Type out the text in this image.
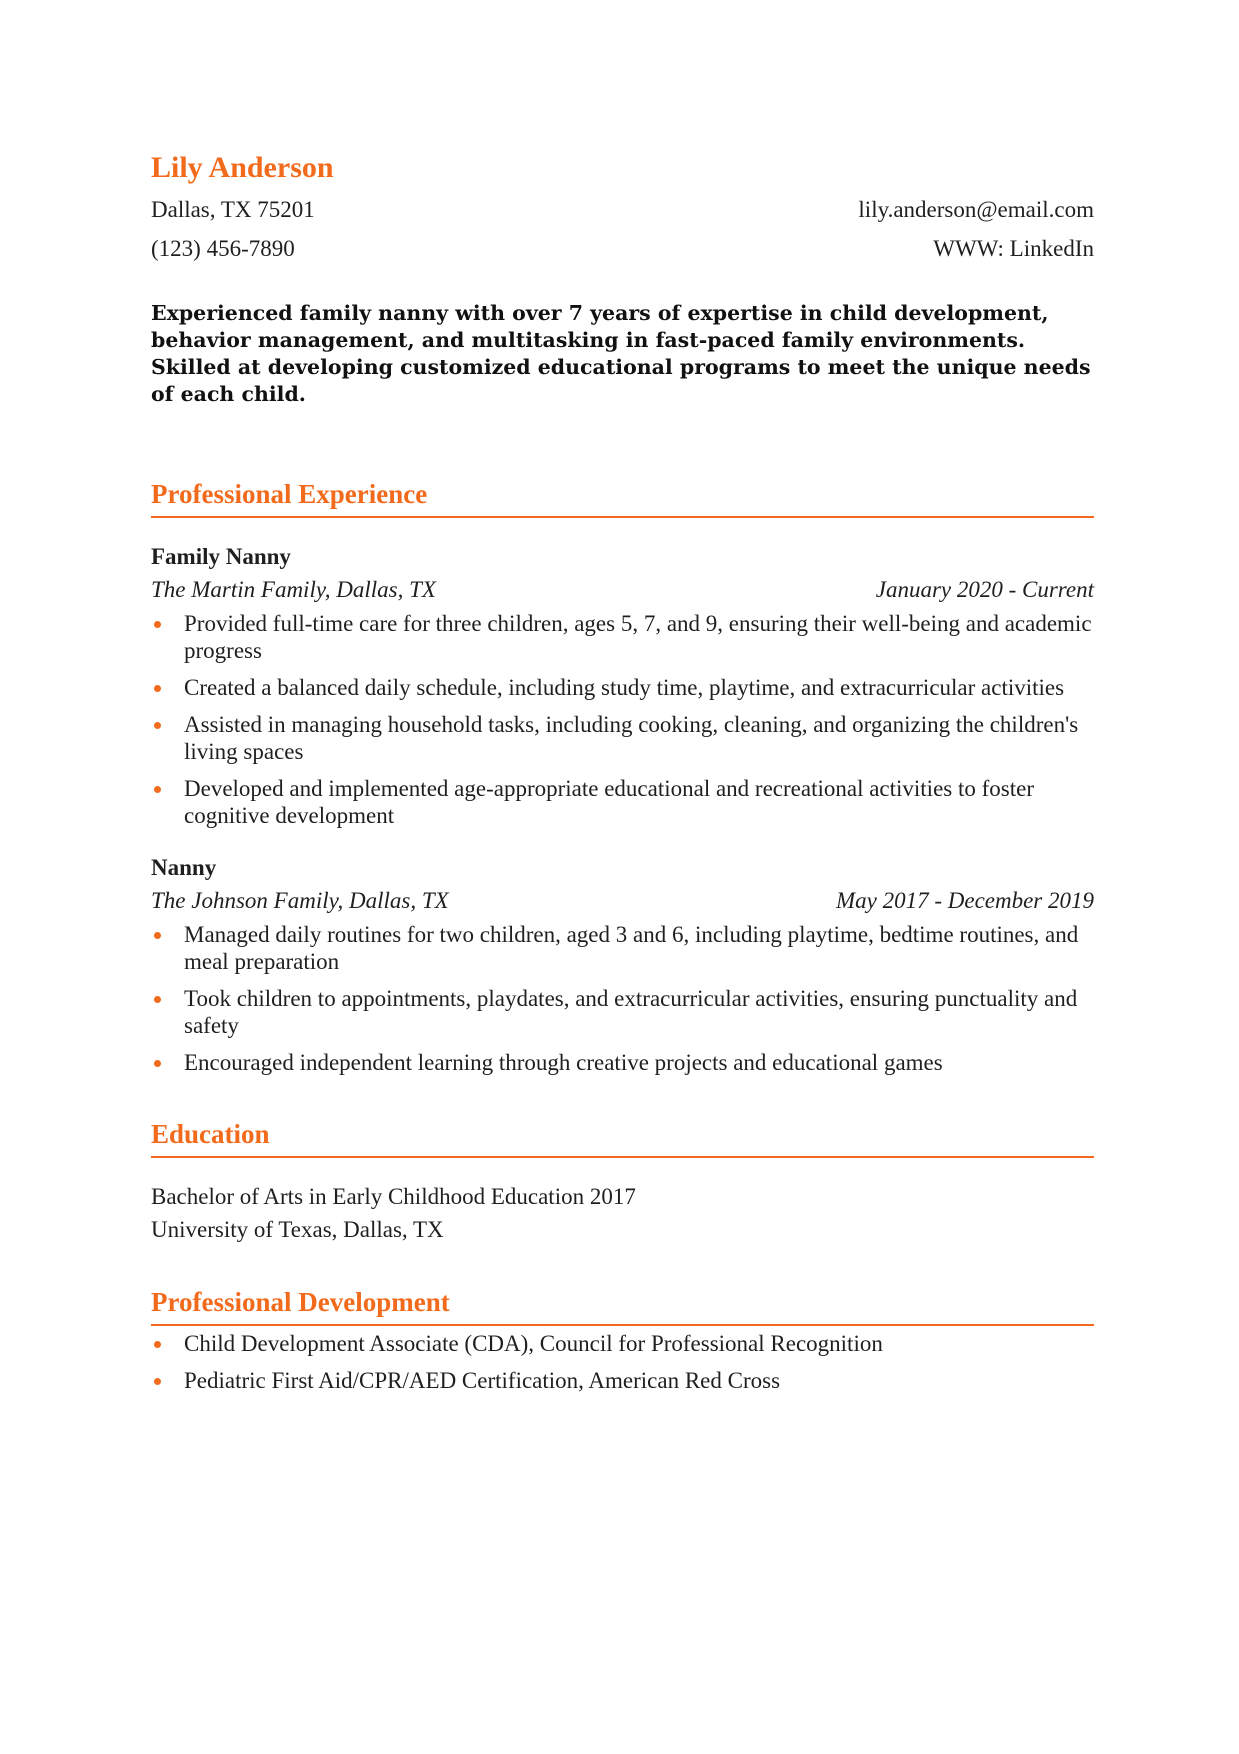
Lily Anderson
Dallas, TX 75201	lily.anderson@email.com
(123) 456-7890	WWW: LinkedIn
Experienced family nanny with over 7 years of expertise in child development, behavior management, and multitasking in fast-paced family environments. Skilled at developing customized educational programs to meet the unique needs of each child.
Professional Experience
Family Nanny
The Martin Family, Dallas, TX	January 2020 - Current
Provided full-time care for three children, ages 5, 7, and 9, ensuring their well-being and academic progress
Created a balanced daily schedule, including study time, playtime, and extracurricular activities
Assisted in managing household tasks, including cooking, cleaning, and organizing the children's living spaces
Developed and implemented age-appropriate educational and recreational activities to foster cognitive development
Nanny
The Johnson Family, Dallas, TX	May 2017 - December 2019
Managed daily routines for two children, aged 3 and 6, including playtime, bedtime routines, and meal preparation
Took children to appointments, playdates, and extracurricular activities, ensuring punctuality and safety
Encouraged independent learning through creative projects and educational games
Education
Bachelor of Arts in Early Childhood Education 2017
University of Texas, Dallas, TX
Professional Development
Child Development Associate (CDA), Council for Professional Recognition
Pediatric First Aid/CPR/AED Certification, American Red Cross
